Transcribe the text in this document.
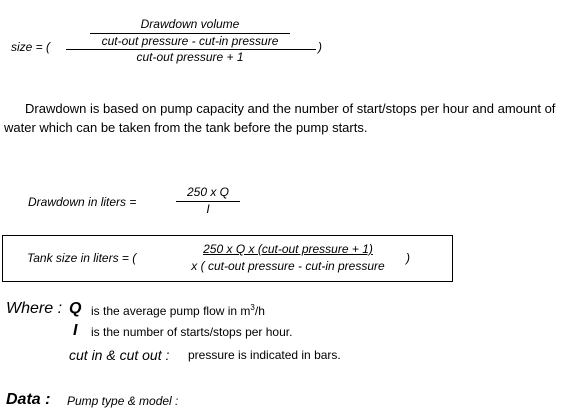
size = (
Drawdown volume
cut-out pressure - cut-in pressure
cut-out pressure + 1
)
Drawdown is based on pump capacity and the number of start/stops per hour and amount of
water which can be taken from the tank before the pump starts.
Drawdown in liters =
250 x Q
I
Tank size in liters = (
250 x Q x (cut-out pressure + 1)
x ( cut-out pressure - cut-in pressure
)
Where : Q is the average pump flow in $m^3/h$
I is the number of starts/stops per hour.
cut in & cut out : pressure is indicated in bars.
Data : Pump type & model :
